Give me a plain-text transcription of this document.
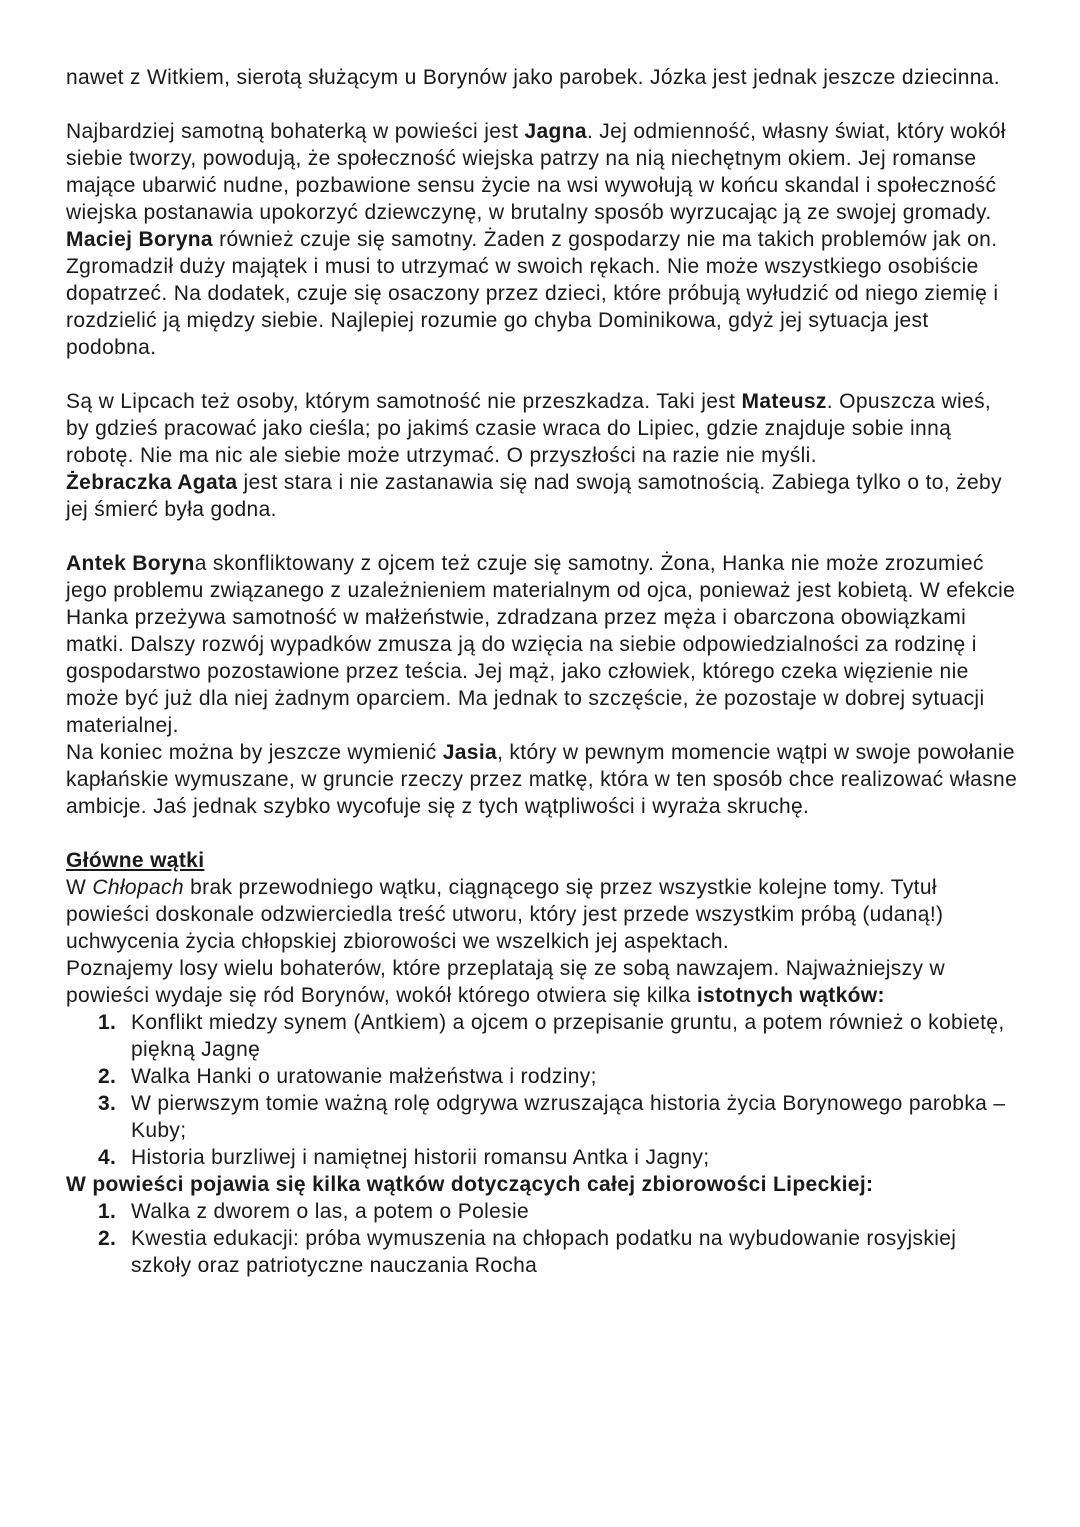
nawet z Witkiem, sierotą służącym u Borynów jako parobek. Józka jest jednak jeszcze dziecinna.

Najbardziej samotną bohaterką w powieści jest Jagna. Jej odmienność, własny świat, który wokół siebie tworzy, powodują, że społeczność wiejska patrzy na nią niechętnym okiem. Jej romanse mające ubarwić nudne, pozbawione sensu życie na wsi wywołują w końcu skandal i społeczność wiejska postanawia upokorzyć dziewczynę, w brutalny sposób wyrzucając ją ze swojej gromady.

Maciej Boryna również czuje się samotny. Żaden z gospodarzy nie ma takich problemów jak on. Zgromadził duży majątek i musi to utrzymać w swoich rękach. Nie może wszystkiego osobiście dopatrzeć. Na dodatek, czuje się osaczony przez dzieci, które próbują wyłudzić od niego ziemię i rozdzielić ją między siebie. Najlepiej rozumie go chyba Dominikowa, gdyż jej sytuacja jest podobna.

Są w Lipcach też osoby, którym samotność nie przeszkadza. Taki jest Mateusz. Opuszcza wieś, by gdzieś pracować jako cieśla; po jakimś czasie wraca do Lipiec, gdzie znajduje sobie inną robotę. Nie ma nic ale siebie może utrzymać. O przyszłości na razie nie myśli.

Żebraczka Agata jest stara i nie zastanawia się nad swoją samotnością. Zabiega tylko o to, żeby jej śmierć była godna.

Antek Boryna skonfliktowany z ojcem też czuje się samotny. Żona, Hanka nie może zrozumieć jego problemu związanego z uzależnieniem materialnym od ojca, ponieważ jest kobietą. W efekcie

Hanka przeżywa samotność w małżeństwie, zdradzana przez męża i obarczona obowiązkami matki. Dalszy rozwój wypadków zmusza ją do wzięcia na siebie odpowiedzialności za rodzinę i gospodarstwo pozostawione przez teścia. Jej mąż, jako człowiek, którego czeka więzienie nie może być już dla niej żadnym oparciem. Ma jednak to szczęście, że pozostaje w dobrej sytuacji materialnej.

Na koniec można by jeszcze wymienić Jasia, który w pewnym momencie wątpi w swoje powołanie kapłańskie wymuszane, w gruncie rzeczy przez matkę, która w ten sposób chce realizować własne ambicje. Jaś jednak szybko wycofuje się z tych wątpliwości i wyraża skruchę.

Główne wątki

W Chłopach brak przewodniego wątku, ciągnącego się przez wszystkie kolejne tomy. Tytuł powieści doskonale odzwierciedla treść utworu, który jest przede wszystkim próbą (udaną!) uchwycenia życia chłopskiej zbiorowości we wszelkich jej aspektach.

Poznajemy losy wielu bohaterów, które przeplatają się ze sobą nawzajem. Najważniejszy w powieści wydaje się ród Borynów, wokół którego otwiera się kilka istotnych wątków:

1. Konflikt miedzy synem (Antkiem) a ojcem o przepisanie gruntu, a potem również o kobietę, piękną Jagnę
2. Walka Hanki o uratowanie małżeństwa i rodziny;
3. W pierwszym tomie ważną rolę odgrywa wzruszająca historia życia Borynowego parobka – Kuby;
4. Historia burzliwej i namiętnej historii romansu Antka i Jagny;

W powieści pojawia się kilka wątków dotyczących całej zbiorowości Lipeckiej:

1. Walka z dworem o las, a potem o Polesie
2. Kwestia edukacji: próba wymuszenia na chłopach podatku na wybudowanie rosyjskiej szkoły oraz patriotyczne nauczania Rocha
